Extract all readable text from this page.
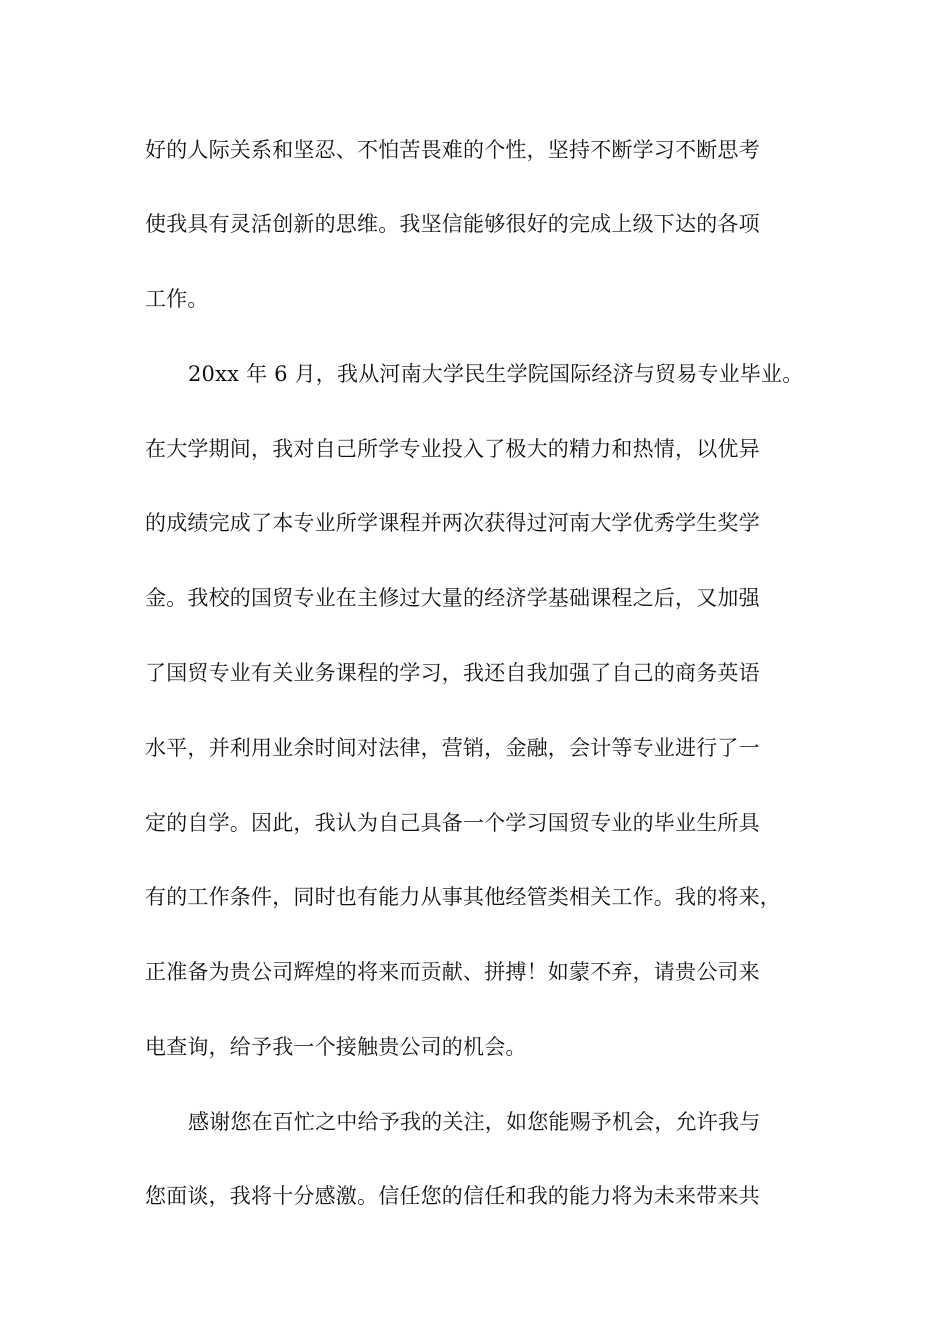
好的人际关系和坚忍、不怕苦畏难的个性，坚持不断学习不断思考
使我具有灵活创新的思维。我坚信能够很好的完成上级下达的各项
工作。
20xx 年 6 月，我从河南大学民生学院国际经济与贸易专业毕业。
在大学期间，我对自己所学专业投入了极大的精力和热情，以优异
的成绩完成了本专业所学课程并两次获得过河南大学优秀学生奖学
金。我校的国贸专业在主修过大量的经济学基础课程之后，又加强
了国贸专业有关业务课程的学习，我还自我加强了自己的商务英语
水平，并利用业余时间对法律，营销，金融，会计等专业进行了一
定的自学。因此，我认为自己具备一个学习国贸专业的毕业生所具
有的工作条件，同时也有能力从事其他经管类相关工作。我的将来，
正准备为贵公司辉煌的将来而贡献、拼搏！如蒙不弃，请贵公司来
电查询，给予我一个接触贵公司的机会。
感谢您在百忙之中给予我的关注，如您能赐予机会，允许我与
您面谈，我将十分感激。信任您的信任和我的能力将为未来带来共
